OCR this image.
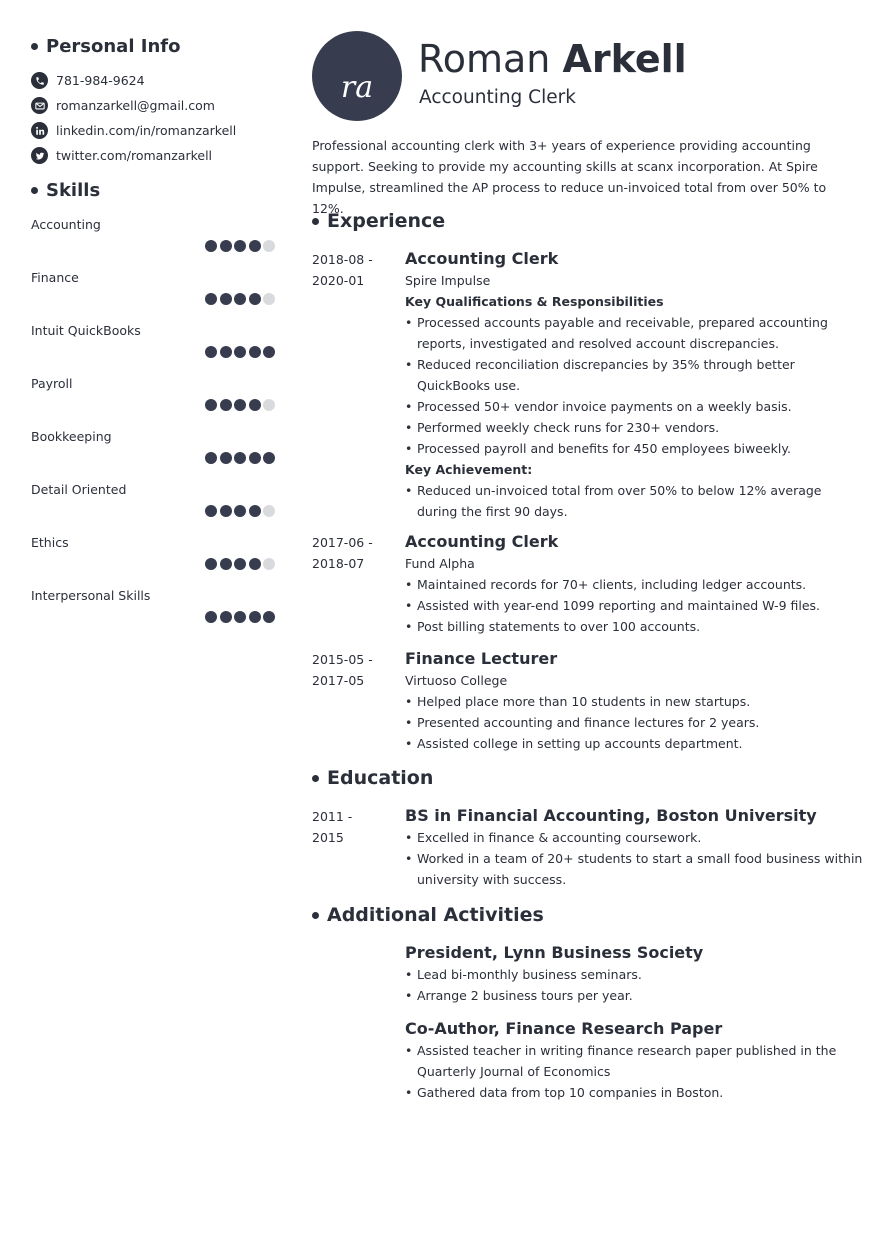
Personal Info
781-984-9624
romanzarkell@gmail.com
linkedin.com/in/romanzarkell
twitter.com/romanzarkell
Skills
Accounting
Finance
Intuit QuickBooks
Payroll
Bookkeeping
Detail Oriented
Ethics
Interpersonal Skills
ra
Roman Arkell
Accounting Clerk
Professional accounting clerk with 3+ years of experience providing accounting support. Seeking to provide my accounting skills at scanx incorporation. At Spire Impulse, streamlined the AP process to reduce un-invoiced total from over 50% to 12%.
Experience
2018-08 -
2020-01
Accounting Clerk
Spire Impulse
Key Qualifications & Responsibilities
• Processed accounts payable and receivable, prepared accounting reports, investigated and resolved account discrepancies.
• Reduced reconciliation discrepancies by 35% through better QuickBooks use.
• Processed 50+ vendor invoice payments on a weekly basis.
• Performed weekly check runs for 230+ vendors.
• Processed payroll and benefits for 450 employees biweekly.
Key Achievement:
• Reduced un-invoiced total from over 50% to below 12% average during the first 90 days.
2017-06 -
2018-07
Accounting Clerk
Fund Alpha
• Maintained records for 70+ clients, including ledger accounts.
• Assisted with year-end 1099 reporting and maintained W-9 files.
• Post billing statements to over 100 accounts.
2015-05 -
2017-05
Finance Lecturer
Virtuoso College
• Helped place more than 10 students in new startups.
• Presented accounting and finance lectures for 2 years.
• Assisted college in setting up accounts department.
Education
2011 -
2015
BS in Financial Accounting, Boston University
• Excelled in finance & accounting coursework.
• Worked in a team of 20+ students to start a small food business within university with success.
Additional Activities
President, Lynn Business Society
• Lead bi-monthly business seminars.
• Arrange 2 business tours per year.
Co-Author, Finance Research Paper
• Assisted teacher in writing finance research paper published in the Quarterly Journal of Economics
• Gathered data from top 10 companies in Boston.
